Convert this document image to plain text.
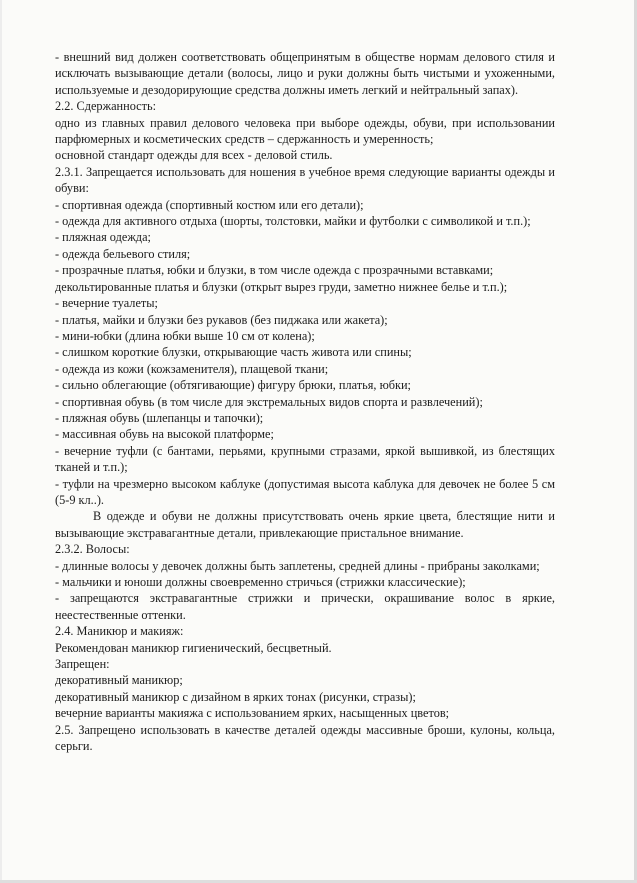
- внешний вид должен соответствовать общепринятым в обществе нормам делового стиля и исключать вызывающие детали (волосы, лицо и руки должны быть чистыми и ухоженными, используемые и дезодорирующие средства должны иметь легкий и нейтральный запах).

2.2. Сдержанность:

одно из главных правил делового человека при выборе одежды, обуви, при использовании парфюмерных и косметических средств – сдержанность и умеренность;

основной стандарт одежды для всех - деловой стиль.

2.3.1. Запрещается использовать для ношения в учебное время следующие варианты одежды и обуви:

- спортивная одежда (спортивный костюм или его детали);

- одежда для активного отдыха (шорты, толстовки, майки и футболки с символикой и т.п.);

- пляжная одежда;

- одежда бельевого стиля;

- прозрачные платья, юбки и блузки, в том числе одежда с прозрачными вставками;

декольтированные платья и блузки (открыт вырез груди, заметно нижнее белье и т.п.);

- вечерние туалеты;

- платья, майки и блузки без рукавов (без пиджака или жакета);

- мини-юбки (длина юбки выше 10 см от колена);

- слишком короткие блузки, открывающие часть живота или спины;

- одежда из кожи (кожзаменителя), плащевой ткани;

- сильно облегающие (обтягивающие) фигуру брюки, платья, юбки;

- спортивная обувь (в том числе для экстремальных видов спорта и развлечений);

- пляжная обувь (шлепанцы и тапочки);

- массивная обувь на высокой платформе;

- вечерние туфли (с бантами, перьями, крупными стразами, яркой вышивкой, из блестящих тканей и т.п.);

- туфли на чрезмерно высоком каблуке (допустимая высота каблука для девочек не более 5 см (5-9 кл..).

В одежде и обуви не должны присутствовать очень яркие цвета, блестящие нити и вызывающие экстравагантные детали, привлекающие пристальное внимание.

2.3.2. Волосы:

- длинные волосы у девочек должны быть заплетены, средней длины - прибраны заколками;

- мальчики и юноши должны своевременно стричься (стрижки классические);

- запрещаются экстравагантные стрижки и прически, окрашивание волос в яркие, неестественные оттенки.

2.4. Маникюр и макияж:

Рекомендован маникюр гигиенический, бесцветный.

Запрещен:

декоративный маникюр;

декоративный маникюр с дизайном в ярких тонах (рисунки, стразы);

вечерние варианты макияжа с использованием ярких, насыщенных цветов;

2.5. Запрещено использовать в качестве деталей одежды массивные броши, кулоны, кольца, серьги.
